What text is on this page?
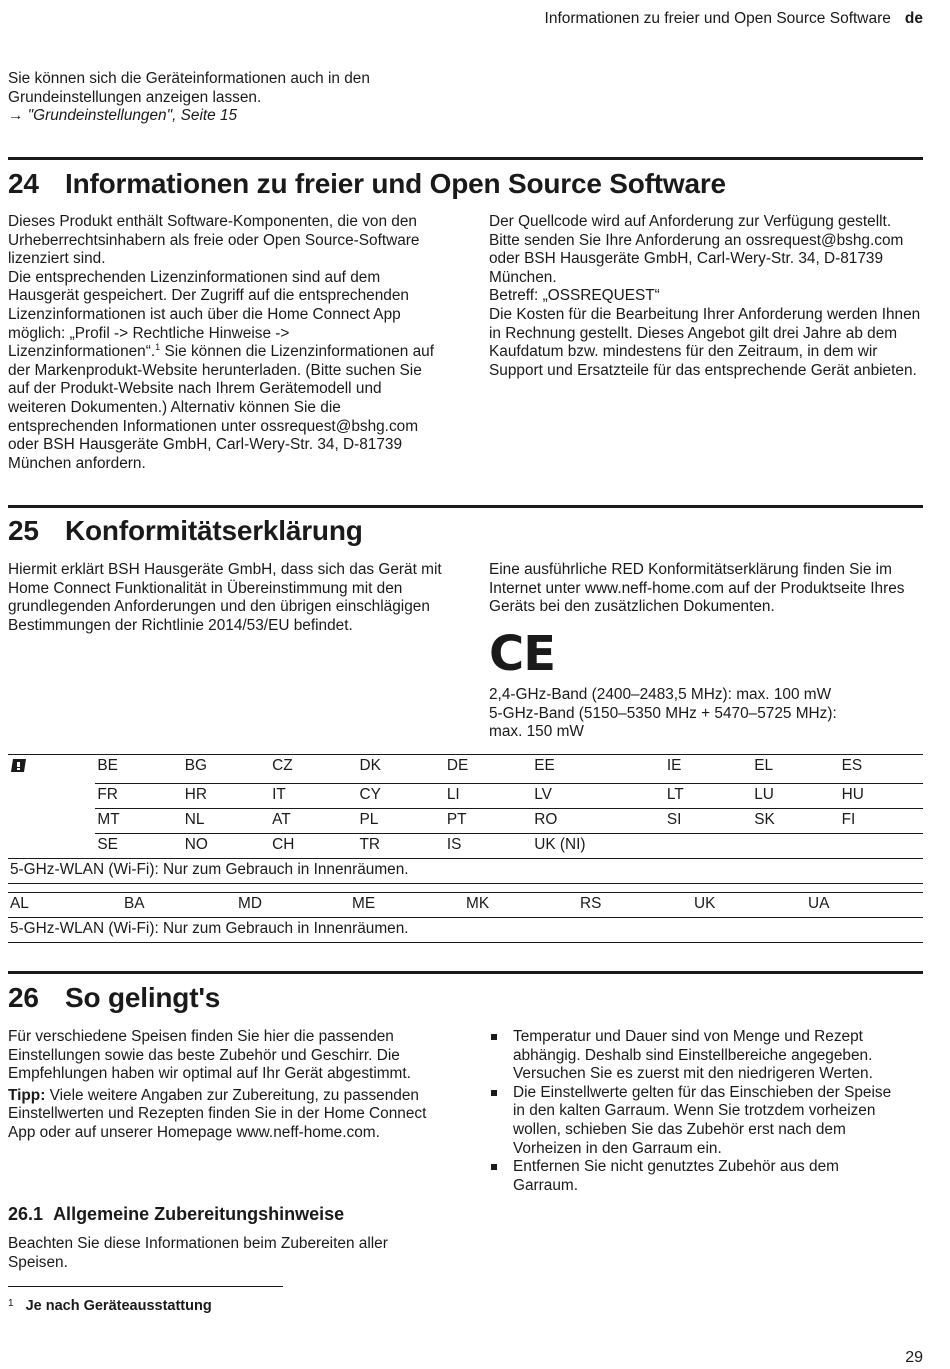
Informationen zu freier und Open Source Software de

Sie können sich die Geräteinformationen auch in den

Grundeinstellungen anzeigen lassen.

→ "Grundeinstellungen", Seite 15

24 Informationen zu freier und Open Source Software

Dieses Produkt enthält Software-Komponenten, die von den Urheberrechtsinhabern als freie oder Open Source-Software lizenziert sind.

Die entsprechenden Lizenzinformationen sind auf dem Hausgerät gespeichert. Der Zugriff auf die entsprechenden Lizenzinformationen ist auch über die Home Connect App möglich: „Profil -> Rechtliche Hinweise -> Lizenzinformationen“.$^1$ Sie können die Lizenzinformationen auf der Markenprodukt-Website herunterladen. (Bitte suchen Sie auf der Produkt-Website nach Ihrem Gerätemodell und weiteren Dokumenten.) Alternativ können Sie die entsprechenden Informationen unter ossrequest@bshg.com oder BSH Hausgeräte GmbH, Carl-Wery-Str. 34, D-81739 München anfordern.

Der Quellcode wird auf Anforderung zur Verfügung gestellt.

Bitte senden Sie Ihre Anforderung an ossrequest@bshg.com oder BSH Hausgeräte GmbH, Carl-Wery-Str. 34, D-81739 München.

Betreff: „OSSREQUEST“

Die Kosten für die Bearbeitung Ihrer Anforderung werden Ihnen in Rechnung gestellt. Dieses Angebot gilt drei Jahre ab dem Kaufdatum bzw. mindestens für den Zeitraum, in dem wir Support und Ersatzteile für das entsprechende Gerät anbieten.

25 Konformitätserklärung

Hiermit erklärt BSH Hausgeräte GmbH, dass sich das Gerät mit Home Connect Funktionalität in Übereinstimmung mit den grundlegenden Anforderungen und den übrigen einschlägigen Bestimmungen der Richtlinie 2014/53/EU befindet.

Eine ausführliche RED Konformitätserklärung finden Sie im Internet unter www.neff-home.com auf der Produktseite Ihres Geräts bei den zusätzlichen Dokumenten.

CE

2,4-GHz-Band (2400–2483,5 MHz): max. 100 mW

5-GHz-Band (5150–5350 MHz + 5470–5725 MHz):

max. 150 mW

	BE	BG	CZ	DK	DE	EE	IE	EL	ES
	FR	HR	IT	CY	LI	LV	LT	LU	HU
	MT	NL	AT	PL	PT	RO	SI	SK	FI
	SE	NO	CH	TR	IS	UK (NI)			
5-GHz-WLAN (Wi-Fi): Nur zum Gebrauch in Innenräumen.									
AL	BA	MD	ME	MK	RS	UK	UA
5-GHz-WLAN (Wi-Fi): Nur zum Gebrauch in Innenräumen.
26 So gelingt's

Für verschiedene Speisen finden Sie hier die passenden Einstellungen sowie das beste Zubehör und Geschirr. Die Empfehlungen haben wir optimal auf Ihr Gerät abgestimmt.

Tipp: Viele weitere Angaben zur Zubereitung, zu passenden Einstellwerten und Rezepten finden Sie in der Home Connect App oder auf unserer Homepage www.neff-home.com.

26.1 Allgemeine Zubereitungshinweise

Beachten Sie diese Informationen beim Zubereiten aller Speisen.

Temperatur und Dauer sind von Menge und Rezept abhängig. Deshalb sind Einstellbereiche angegeben. Versuchen Sie es zuerst mit den niedrigeren Werten.
Die Einstellwerte gelten für das Einschieben der Speise in den kalten Garraum. Wenn Sie trotzdem vorheizen wollen, schieben Sie das Zubehör erst nach dem Vorheizen in den Garraum ein.
Entfernen Sie nicht genutztes Zubehör aus dem Garraum.
$^1$ Je nach Geräteausstattung
29
